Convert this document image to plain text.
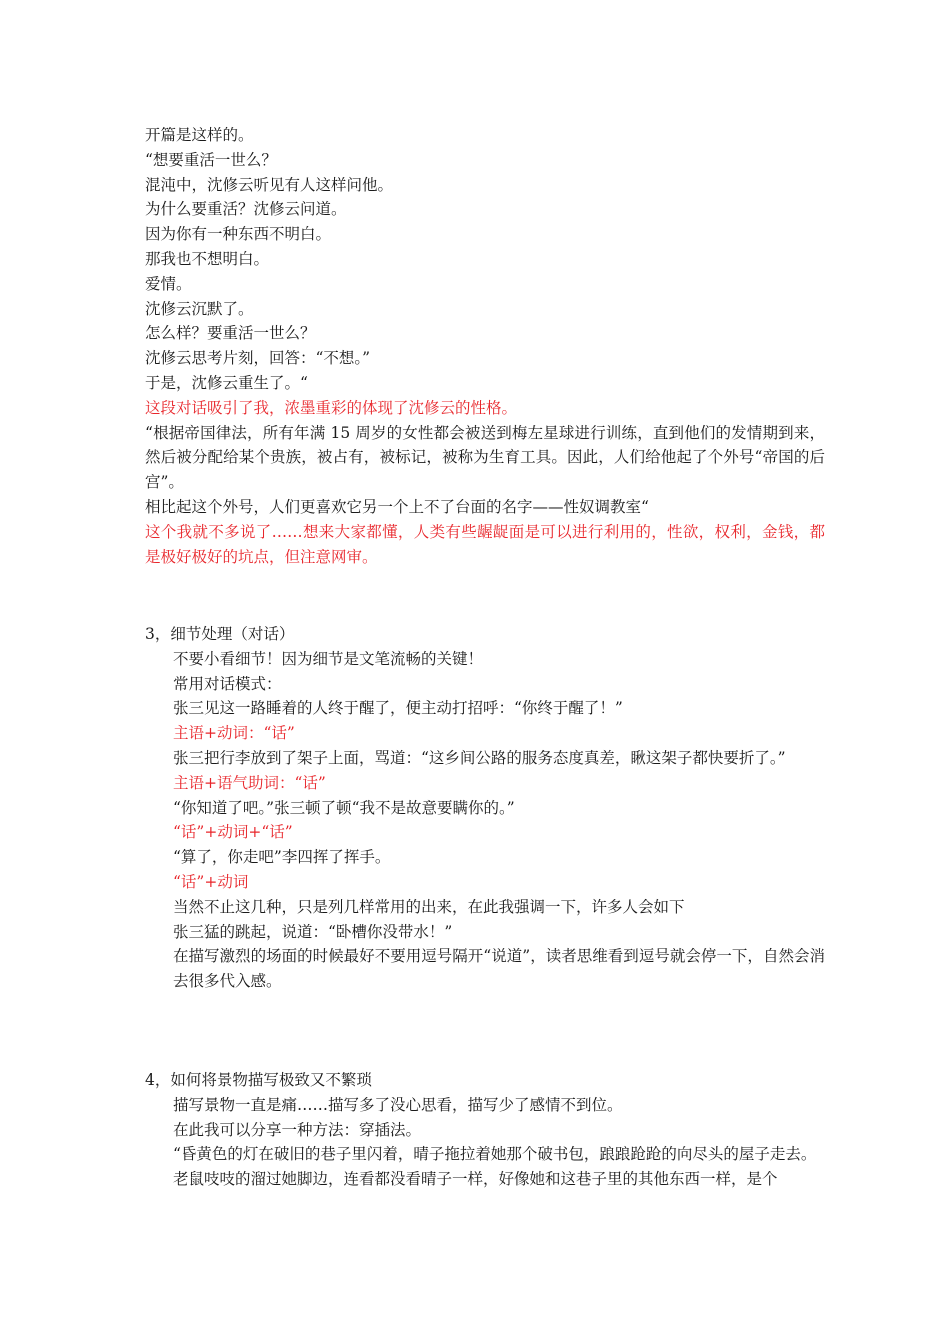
开篇是这样的。
“想要重活一世么？
混沌中，沈修云听见有人这样问他。
为什么要重活？沈修云问道。
因为你有一种东西不明白。
那我也不想明白。
爱情。
沈修云沉默了。
怎么样？要重活一世么？
沈修云思考片刻，回答：“不想。”
于是，沈修云重生了。“
这段对话吸引了我，浓墨重彩的体现了沈修云的性格。
“根据帝国律法，所有年满 15 周岁的女性都会被送到梅左星球进行训练，直到他们的发情期到来，然后被分配给某个贵族，被占有，被标记，被称为生育工具。因此，人们给他起了个外号“帝国的后宫”。
相比起这个外号，人们更喜欢它另一个上不了台面的名字——性奴调教室“
这个我就不多说了……想来大家都懂，人类有些龌龊面是可以进行利用的，性欲，权利，金钱，都是极好极好的坑点，但注意网审。
3，细节处理（对话）
不要小看细节！因为细节是文笔流畅的关键！
常用对话模式：
张三见这一路睡着的人终于醒了，便主动打招呼：“你终于醒了！”
主语+动词：“话”
张三把行李放到了架子上面，骂道：“这乡间公路的服务态度真差，瞅这架子都快要折了。”
主语+语气助词：“话”
“你知道了吧。”张三顿了顿“我不是故意要瞒你的。”
“话”+动词+“话”
“算了，你走吧”李四挥了挥手。
“话”+动词
当然不止这几种，只是列几样常用的出来，在此我强调一下，许多人会如下
张三猛的跳起，说道：“卧槽你没带水！”
在描写激烈的场面的时候最好不要用逗号隔开“说道”，读者思维看到逗号就会停一下，自然会消去很多代入感。
4，如何将景物描写极致又不繁琐
描写景物一直是痛……描写多了没心思看，描写少了感情不到位。
在此我可以分享一种方法：穿插法。
“昏黄色的灯在破旧的巷子里闪着，晴子拖拉着她那个破书包，踉踉跄跄的向尽头的屋子走去。
老鼠吱吱的溜过她脚边，连看都没看晴子一样，好像她和这巷子里的其他东西一样，是个
